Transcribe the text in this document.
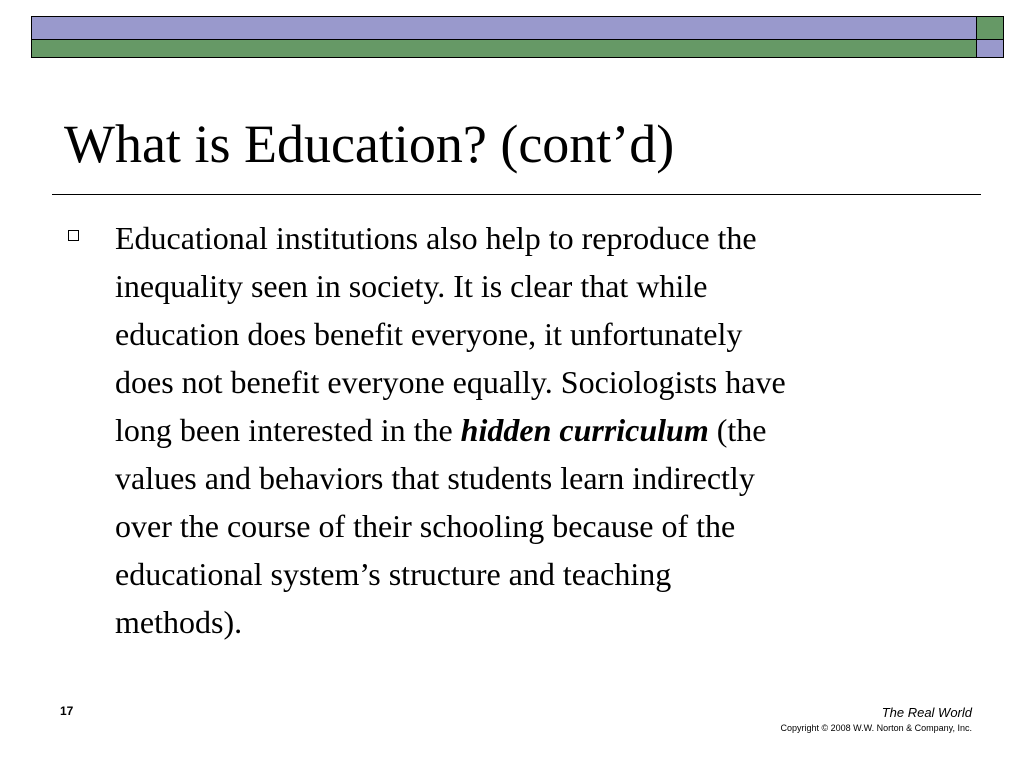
What is Education? (cont’d)

Educational institutions also help to reproduce the
inequality seen in society. It is clear that while
education does benefit everyone, it unfortunately
does not benefit everyone equally. Sociologists have
long been interested in the hidden curriculum (the
values and behaviors that students learn indirectly
over the course of their schooling because of the
educational system’s structure and teaching
methods).

17	The Real World
Copyright © 2008 W.W. Norton & Company, Inc.
